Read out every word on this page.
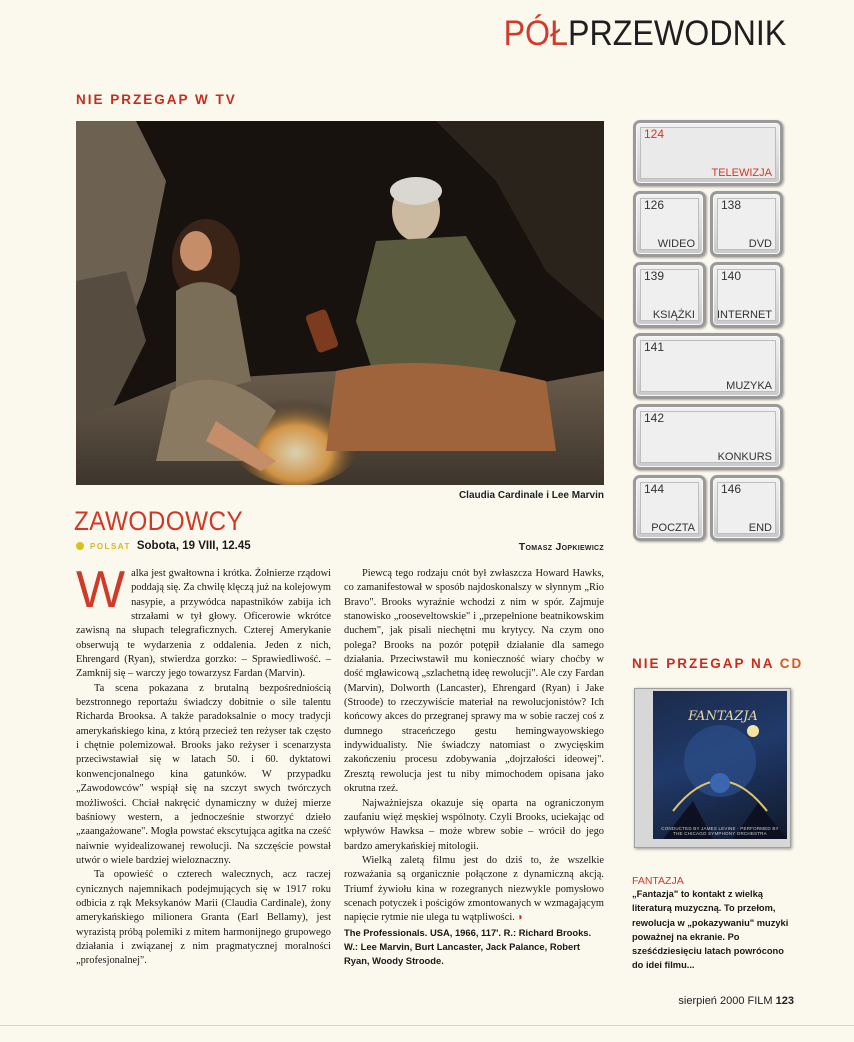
PÓŁPRZEWODNIK
NIE PRZEGAP W TV
Claudia Cardinale i Lee Marvin
ZAWODOWCY
POLSAT Sobota, 19 VIII, 12.45	Tomasz Jopkiewicz

Walka jest gwałtowna i krótka. Żołnierze rządowi poddają się. Za chwilę klęczą już na kolejowym nasypie, a przywódca napastników zabija ich strzałami w tył głowy. Oficerowie wkrótce zawisną na słupach telegraficznych. Czterej Amerykanie obserwują te wydarzenia z oddalenia. Jeden z nich, Ehrengard (Ryan), stwierdza gorzko: – Sprawiedliwość. – Zamknij się – warczy jego towarzysz Fardan (Marvin).

Ta scena pokazana z brutalną bezpośredniością bezstronnego reportażu świadczy dobitnie o sile talentu Richarda Brooksa. A także paradoksalnie o mocy tradycji amerykańskiego kina, z którą przecież ten reżyser tak często i chętnie polemizował. Brooks jako reżyser i scenarzysta przeciwstawiał się w latach 50. i 60. dyktatowi konwencjonalnego kina gatunków. W przypadku „Zawodowców" wspiął się na szczyt swych twórczych możliwości. Chciał nakręcić dynamiczny w dużej mierze baśniowy western, a jednocześnie stworzyć dzieło „zaangażowane". Mogła powstać ekscytująca agitka na cześć naiwnie wyidealizowanej rewolucji. Na szczęście powstał utwór o wiele bardziej wieloznaczny.

Ta opowieść o czterech walecznych, acz raczej cynicznych najemnikach podejmujących się w 1917 roku odbicia z rąk Meksykanów Marii (Claudia Cardinale), żony amerykańskiego milionera Granta (Earl Bellamy), jest wyrazistą próbą polemiki z mitem harmonijnego grupowego działania i związanej z nim pragmatycznej moralności „profesjonalnej".

Piewcą tego rodzaju cnót był zwłaszcza Howard Hawks, co zamanifestował w sposób najdoskonalszy w słynnym „Rio Bravo". Brooks wyraźnie wchodzi z nim w spór. Zajmuje stanowisko „rooseveltowskie" i „przepełnione beatnikowskim duchem", jak pisali niechętni mu krytycy. Na czym ono polega? Brooks na pozór potępił działanie dla samego działania. Przeciwstawił mu konieczność wiary choćby w dość mgławicową „szlachetną ideę rewolucji". Ale czy Fardan (Marvin), Dolworth (Lancaster), Ehrengard (Ryan) i Jake (Stroode) to rzeczywiście materiał na rewolucjonistów? Ich końcowy akces do przegranej sprawy ma w sobie raczej coś z dumnego straceńczego gestu hemingwayowskiego indywidualisty. Nie świadczy natomiast o zwycięskim zakończeniu procesu zdobywania „dojrzałości ideowej". Zresztą rewolucja jest tu niby mimochodem opisana jako okrutna rzeź.

Najważniejsza okazuje się oparta na ograniczonym zaufaniu więź męskiej wspólnoty. Czyli Brooks, uciekając od wpływów Hawksa – może wbrew sobie – wrócił do jego bardzo amerykańskiej mitologii.

Wielką zaletą filmu jest do dziś to, że wszelkie rozważania są organicznie połączone z dynamiczną akcją. Triumf żywiołu kina w rozegranych niezwykle pomysłowo scenach potyczek i pościgów zmontowanych w wzmagającym napięcie rytmie nie ulega tu wątpliwości. ◗

The Professionals. USA, 1966, 117'. R.: Richard Brooks. W.: Lee Marvin, Burt Lancaster, Jack Palance, Robert Ryan, Woody Stroode.

124
TELEWIZJA
126
WIDEO
138
DVD
139
KSIĄŻKI
140
INTERNET
141
MUZYKA
142
KONKURS
144
POCZTA
146
END
NIE PRZEGAP NA CD
FANTAZJA
CONDUCTED BY JAMES LEVINE · PERFORMED BY THE CHICAGO SYMPHONY ORCHESTRA
FANTAZJA
„Fantazja" to kontakt z wielką literaturą muzyczną. To przełom, rewolucja w „pokazywaniu" muzyki poważnej na ekranie. Po sześćdziesięciu latach powrócono do idei filmu...
sierpień 2000 FILM 123
